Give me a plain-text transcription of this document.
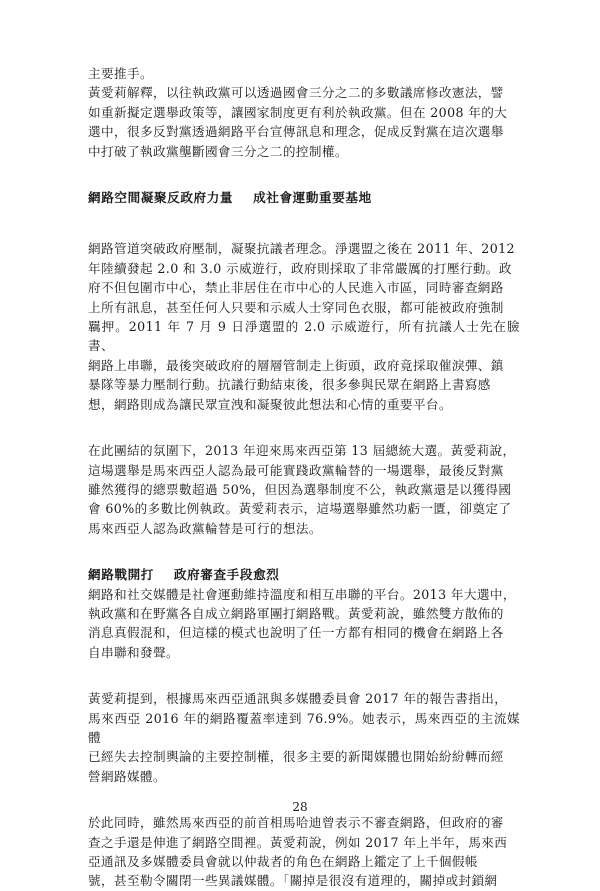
主要推手。

黃愛莉解釋，以往執政黨可以透過國會三分之二的多數議席修改憲法，譬
如重新擬定選舉政策等，讓國家制度更有利於執政黨。但在 2008 年的大
選中，很多反對黨透過網路平台宣傳訊息和理念，促成反對黨在這次選舉
中打破了執政黨壟斷國會三分之二的控制權。

網路空間凝聚反政府力量    成社會運動重要基地

網路管道突破政府壓制，凝聚抗議者理念。淨選盟之後在 2011 年、2012
年陸續發起 2.0 和 3.0 示威遊行，政府則採取了非常嚴厲的打壓行動。政
府不但包圍市中心，禁止非居住在市中心的人民進入市區，同時審查網路
上所有訊息，甚至任何人只要和示威人士穿同色衣服，都可能被政府強制
羈押。2011 年 7 月 9 日淨選盟的 2.0 示威遊行，所有抗議人士先在臉書、
網路上串聯，最後突破政府的層層管制走上街頭，政府竟採取催淚彈、鎮
暴隊等暴力壓制行動。抗議行動結束後，很多參與民眾在網路上書寫感
想，網路則成為讓民眾宣洩和凝聚彼此想法和心情的重要平台。

在此團結的氛圍下，2013 年迎來馬來西亞第 13 屆總統大選。黃愛莉說，
這場選舉是馬來西亞人認為最可能實踐政黨輪替的一場選舉，最後反對黨
雖然獲得的總票數超過 50%，但因為選舉制度不公，執政黨還是以獲得國
會 60%的多數比例執政。黃愛莉表示，這場選舉雖然功虧一匱，卻奠定了
馬來西亞人認為政黨輪替是可行的想法。

網路戰開打    政府審查手段愈烈

網路和社交媒體是社會運動維持溫度和相互串聯的平台。2013 年大選中，
執政黨和在野黨各自成立網路軍團打網路戰。黃愛莉說，雖然雙方散佈的
消息真假混和，但這樣的模式也說明了任一方都有相同的機會在網路上各
自串聯和發聲。

黃愛莉提到，根據馬來西亞通訊與多媒體委員會 2017 年的報告書指出，
馬來西亞 2016 年的網路覆蓋率達到 76.9%。她表示，馬來西亞的主流媒體
已經失去控制輿論的主要控制權，很多主要的新聞媒體也開始紛紛轉而經
營網路媒體。

於此同時，雖然馬來西亞的前首相馬哈迪曾表示不審查網路，但政府的審
查之手還是伸進了網路空間裡。黃愛莉說，例如 2017 年上半年，馬來西
亞通訊及多媒體委員會就以仲裁者的角色在網路上鑑定了上千個假帳
號，甚至勒令關閉一些異議媒體。「關掉是很沒有道理的，關掉或封鎖網

28
